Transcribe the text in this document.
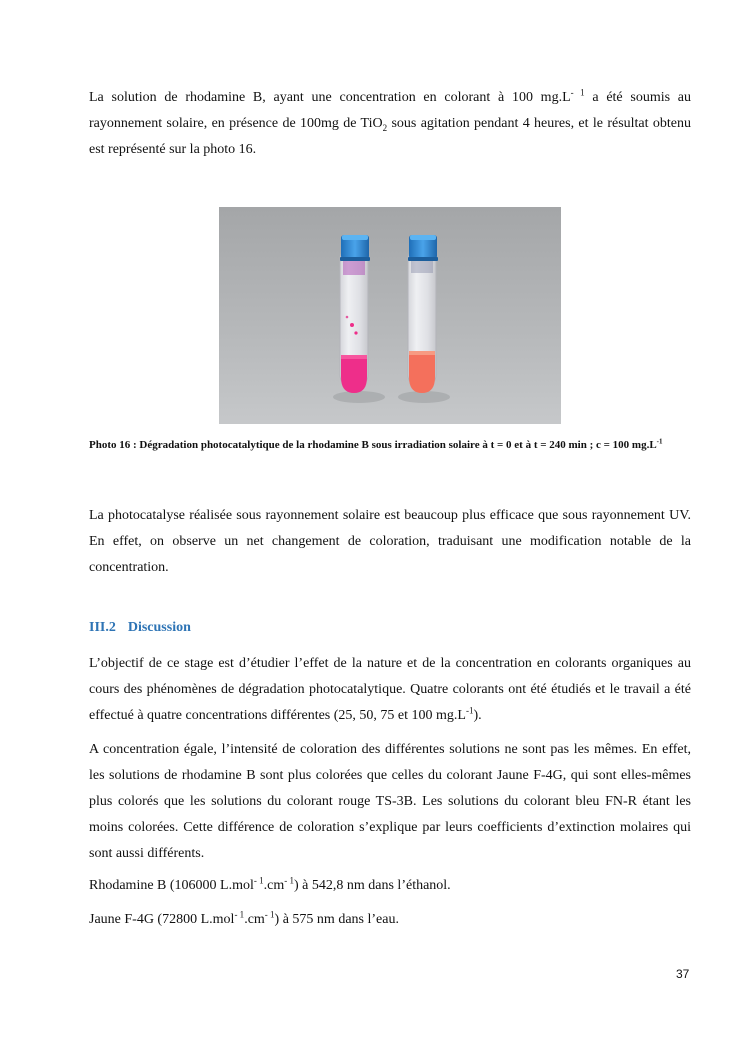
La solution de rhodamine B, ayant une concentration en colorant à 100 $mg.L^{- 1}$ a été soumis au rayonnement solaire, en présence de 100mg de TiO$_2$ sous agitation pendant 4 heures, et le résultat obtenu est représenté sur la photo 16.

Photo 16 : Dégradation photocatalytique de la rhodamine B sous irradiation solaire à t = 0 et à t = 240 min ; c = 100 $mg.L^{-1}$

La photocatalyse réalisée sous rayonnement solaire est beaucoup plus efficace que sous rayonnement UV. En effet, on observe un net changement de coloration, traduisant une modification notable de la concentration.

III.2 Discussion

L’objectif de ce stage est d’étudier l’effet de la nature et de la concentration en colorants organiques au cours des phénomènes de dégradation photocatalytique. Quatre colorants ont été étudiés et le travail a été effectué à quatre concentrations différentes (25, 50, 75 et 100 $mg.L^{-1}$).

A concentration égale, l’intensité de coloration des différentes solutions ne sont pas les mêmes. En effet, les solutions de rhodamine B sont plus colorées que celles du colorant Jaune F-4G, qui sont elles-mêmes plus colorés que les solutions du colorant rouge TS-3B. Les solutions du colorant bleu FN-R étant les moins colorées. Cette différence de coloration s’explique par leurs coefficients d’extinction molaires qui sont aussi différents.

Rhodamine B (106000 $L.mol^{- 1}.cm^{- 1}$) à 542,8 nm dans l’éthanol.

Jaune F-4G (72800 $L.mol^{- 1}.cm^{- 1}$) à 575 nm dans l’eau.

37
